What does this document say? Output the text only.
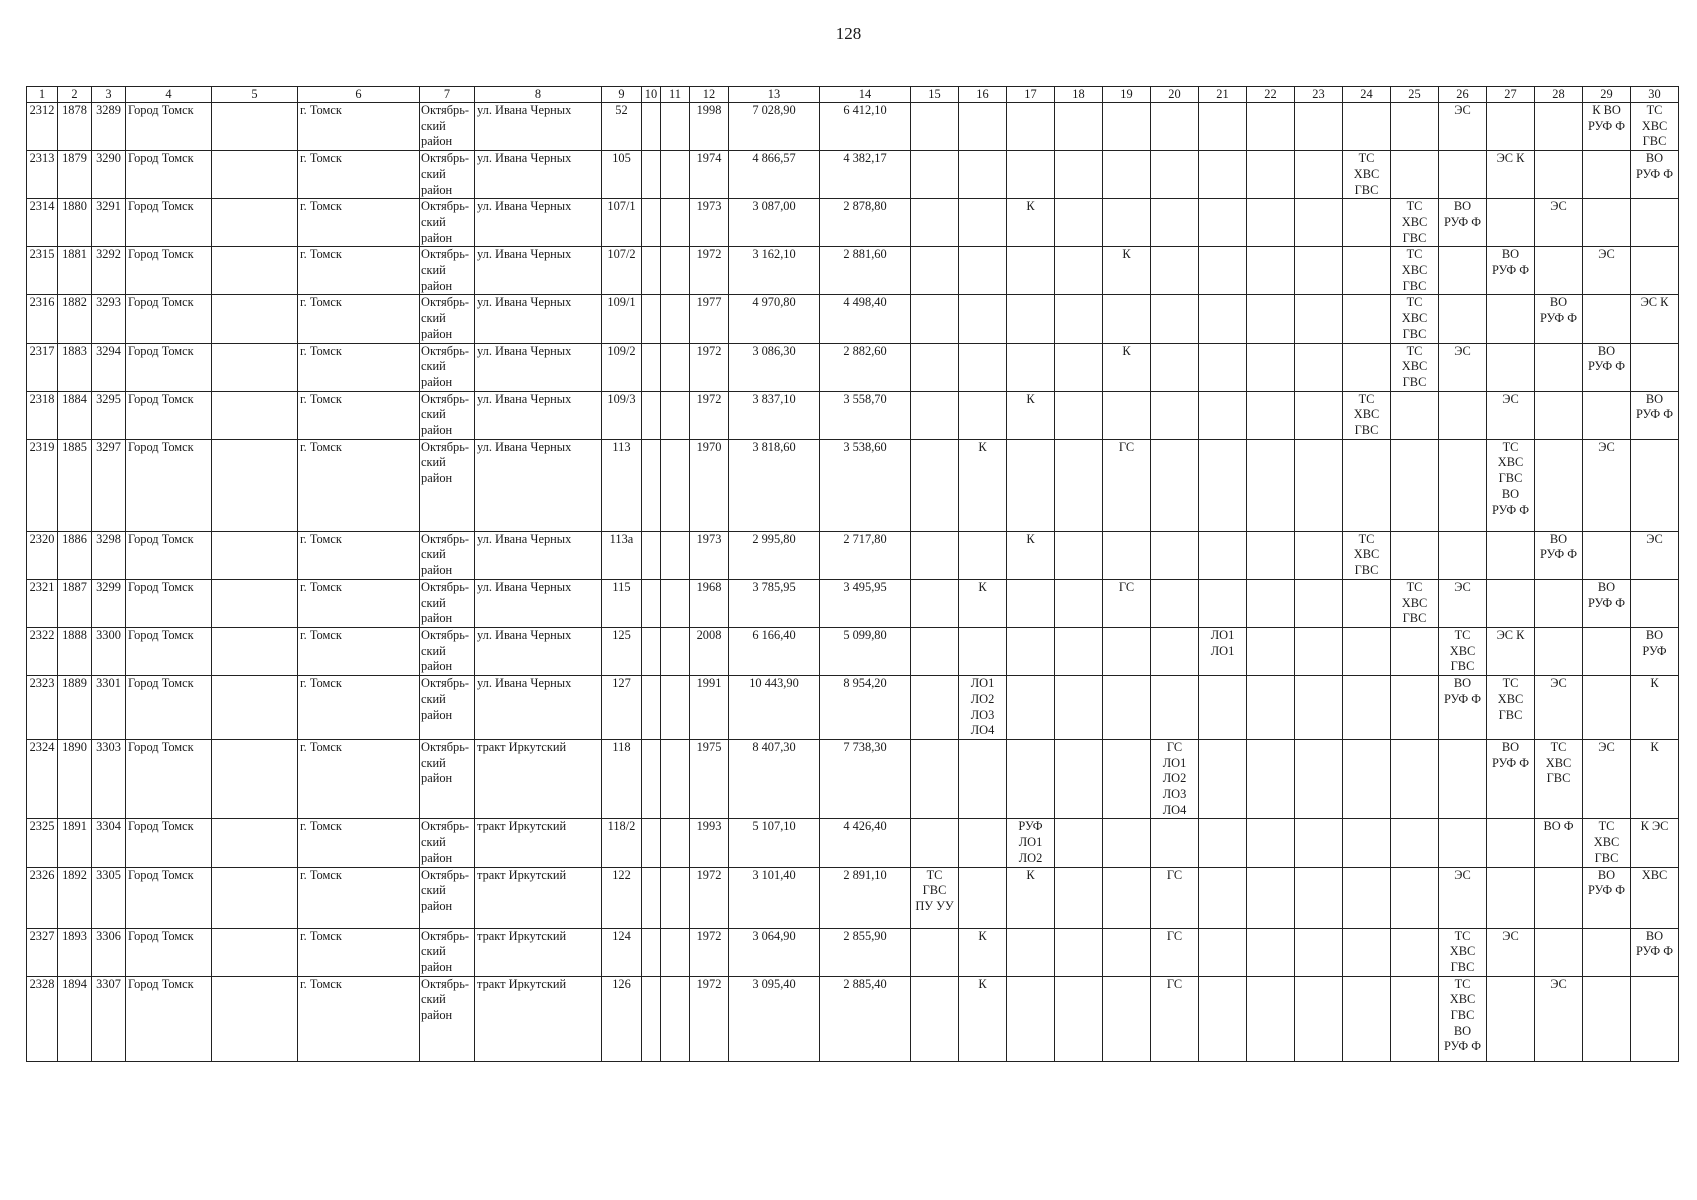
128
1	2	3	4	5	6	7	8	9	10	11	12	13	14	15	16	17	18	19	20	21	22	23	24	25	26	27	28	29	30
2312	1878	3289	Город Томск		г. Томск	Октябрь-
ский
район	ул. Ивана Черных	52			1998	7 028,90	6 412,10												ЭС			К ВО
РУФ Ф	ТС
ХВС
ГВС
2313	1879	3290	Город Томск		г. Томск	Октябрь-
ский
район	ул. Ивана Черных	105			1974	4 866,57	4 382,17										ТС
ХВС
ГВС			ЭС К			ВО
РУФ Ф
2314	1880	3291	Город Томск		г. Томск	Октябрь-
ский
район	ул. Ивана Черных	107/1			1973	3 087,00	2 878,80			К								ТС
ХВС
ГВС	ВО
РУФ Ф		ЭС		
2315	1881	3292	Город Томск		г. Томск	Октябрь-
ский
район	ул. Ивана Черных	107/2			1972	3 162,10	2 881,60					К						ТС
ХВС
ГВС		ВО
РУФ Ф		ЭС	
2316	1882	3293	Город Томск		г. Томск	Октябрь-
ский
район	ул. Ивана Черных	109/1			1977	4 970,80	4 498,40											ТС
ХВС
ГВС			ВО
РУФ Ф		ЭС К
2317	1883	3294	Город Томск		г. Томск	Октябрь-
ский
район	ул. Ивана Черных	109/2			1972	3 086,30	2 882,60					К						ТС
ХВС
ГВС	ЭС			ВО
РУФ Ф	
2318	1884	3295	Город Томск		г. Томск	Октябрь-
ский
район	ул. Ивана Черных	109/3			1972	3 837,10	3 558,70			К							ТС
ХВС
ГВС			ЭС			ВО
РУФ Ф
2319	1885	3297	Город Томск		г. Томск	Октябрь-
ский
район	ул. Ивана Черных	113			1970	3 818,60	3 538,60		К			ГС								ТС
ХВС
ГВС
ВО
РУФ Ф		ЭС	
2320	1886	3298	Город Томск		г. Томск	Октябрь-
ский
район	ул. Ивана Черных	113а			1973	2 995,80	2 717,80			К							ТС
ХВС
ГВС				ВО
РУФ Ф		ЭС
2321	1887	3299	Город Томск		г. Томск	Октябрь-
ский
район	ул. Ивана Черных	115			1968	3 785,95	3 495,95		К			ГС						ТС
ХВС
ГВС	ЭС			ВО
РУФ Ф	
2322	1888	3300	Город Томск		г. Томск	Октябрь-
ский
район	ул. Ивана Черных	125			2008	6 166,40	5 099,80							ЛО1
ЛО1					ТС
ХВС
ГВС	ЭС К			ВО
РУФ
2323	1889	3301	Город Томск		г. Томск	Октябрь-
ский
район	ул. Ивана Черных	127			1991	10 443,90	8 954,20		ЛО1
ЛО2
ЛО3
ЛО4										ВО
РУФ Ф	ТС
ХВС
ГВС	ЭС		К
2324	1890	3303	Город Томск		г. Томск	Октябрь-
ский
район	тракт Иркутский	118			1975	8 407,30	7 738,30						ГС
ЛО1
ЛО2
ЛО3
ЛО4							ВО
РУФ Ф	ТС
ХВС
ГВС	ЭС	К
2325	1891	3304	Город Томск		г. Томск	Октябрь-
ский
район	тракт Иркутский	118/2			1993	5 107,10	4 426,40			РУФ
ЛО1
ЛО2											ВО Ф	ТС
ХВС
ГВС	К ЭС
2326	1892	3305	Город Томск		г. Томск	Октябрь-
ский
район	тракт Иркутский	122			1972	3 101,40	2 891,10	ТС
ГВС
ПУ УУ		К			ГС						ЭС			ВО
РУФ Ф	ХВС
2327	1893	3306	Город Томск		г. Томск	Октябрь-
ский
район	тракт Иркутский	124			1972	3 064,90	2 855,90		К				ГС						ТС
ХВС
ГВС	ЭС			ВО
РУФ Ф
2328	1894	3307	Город Томск		г. Томск	Октябрь-
ский
район	тракт Иркутский	126			1972	3 095,40	2 885,40		К				ГС						ТС
ХВС
ГВС
ВО
РУФ Ф		ЭС		
